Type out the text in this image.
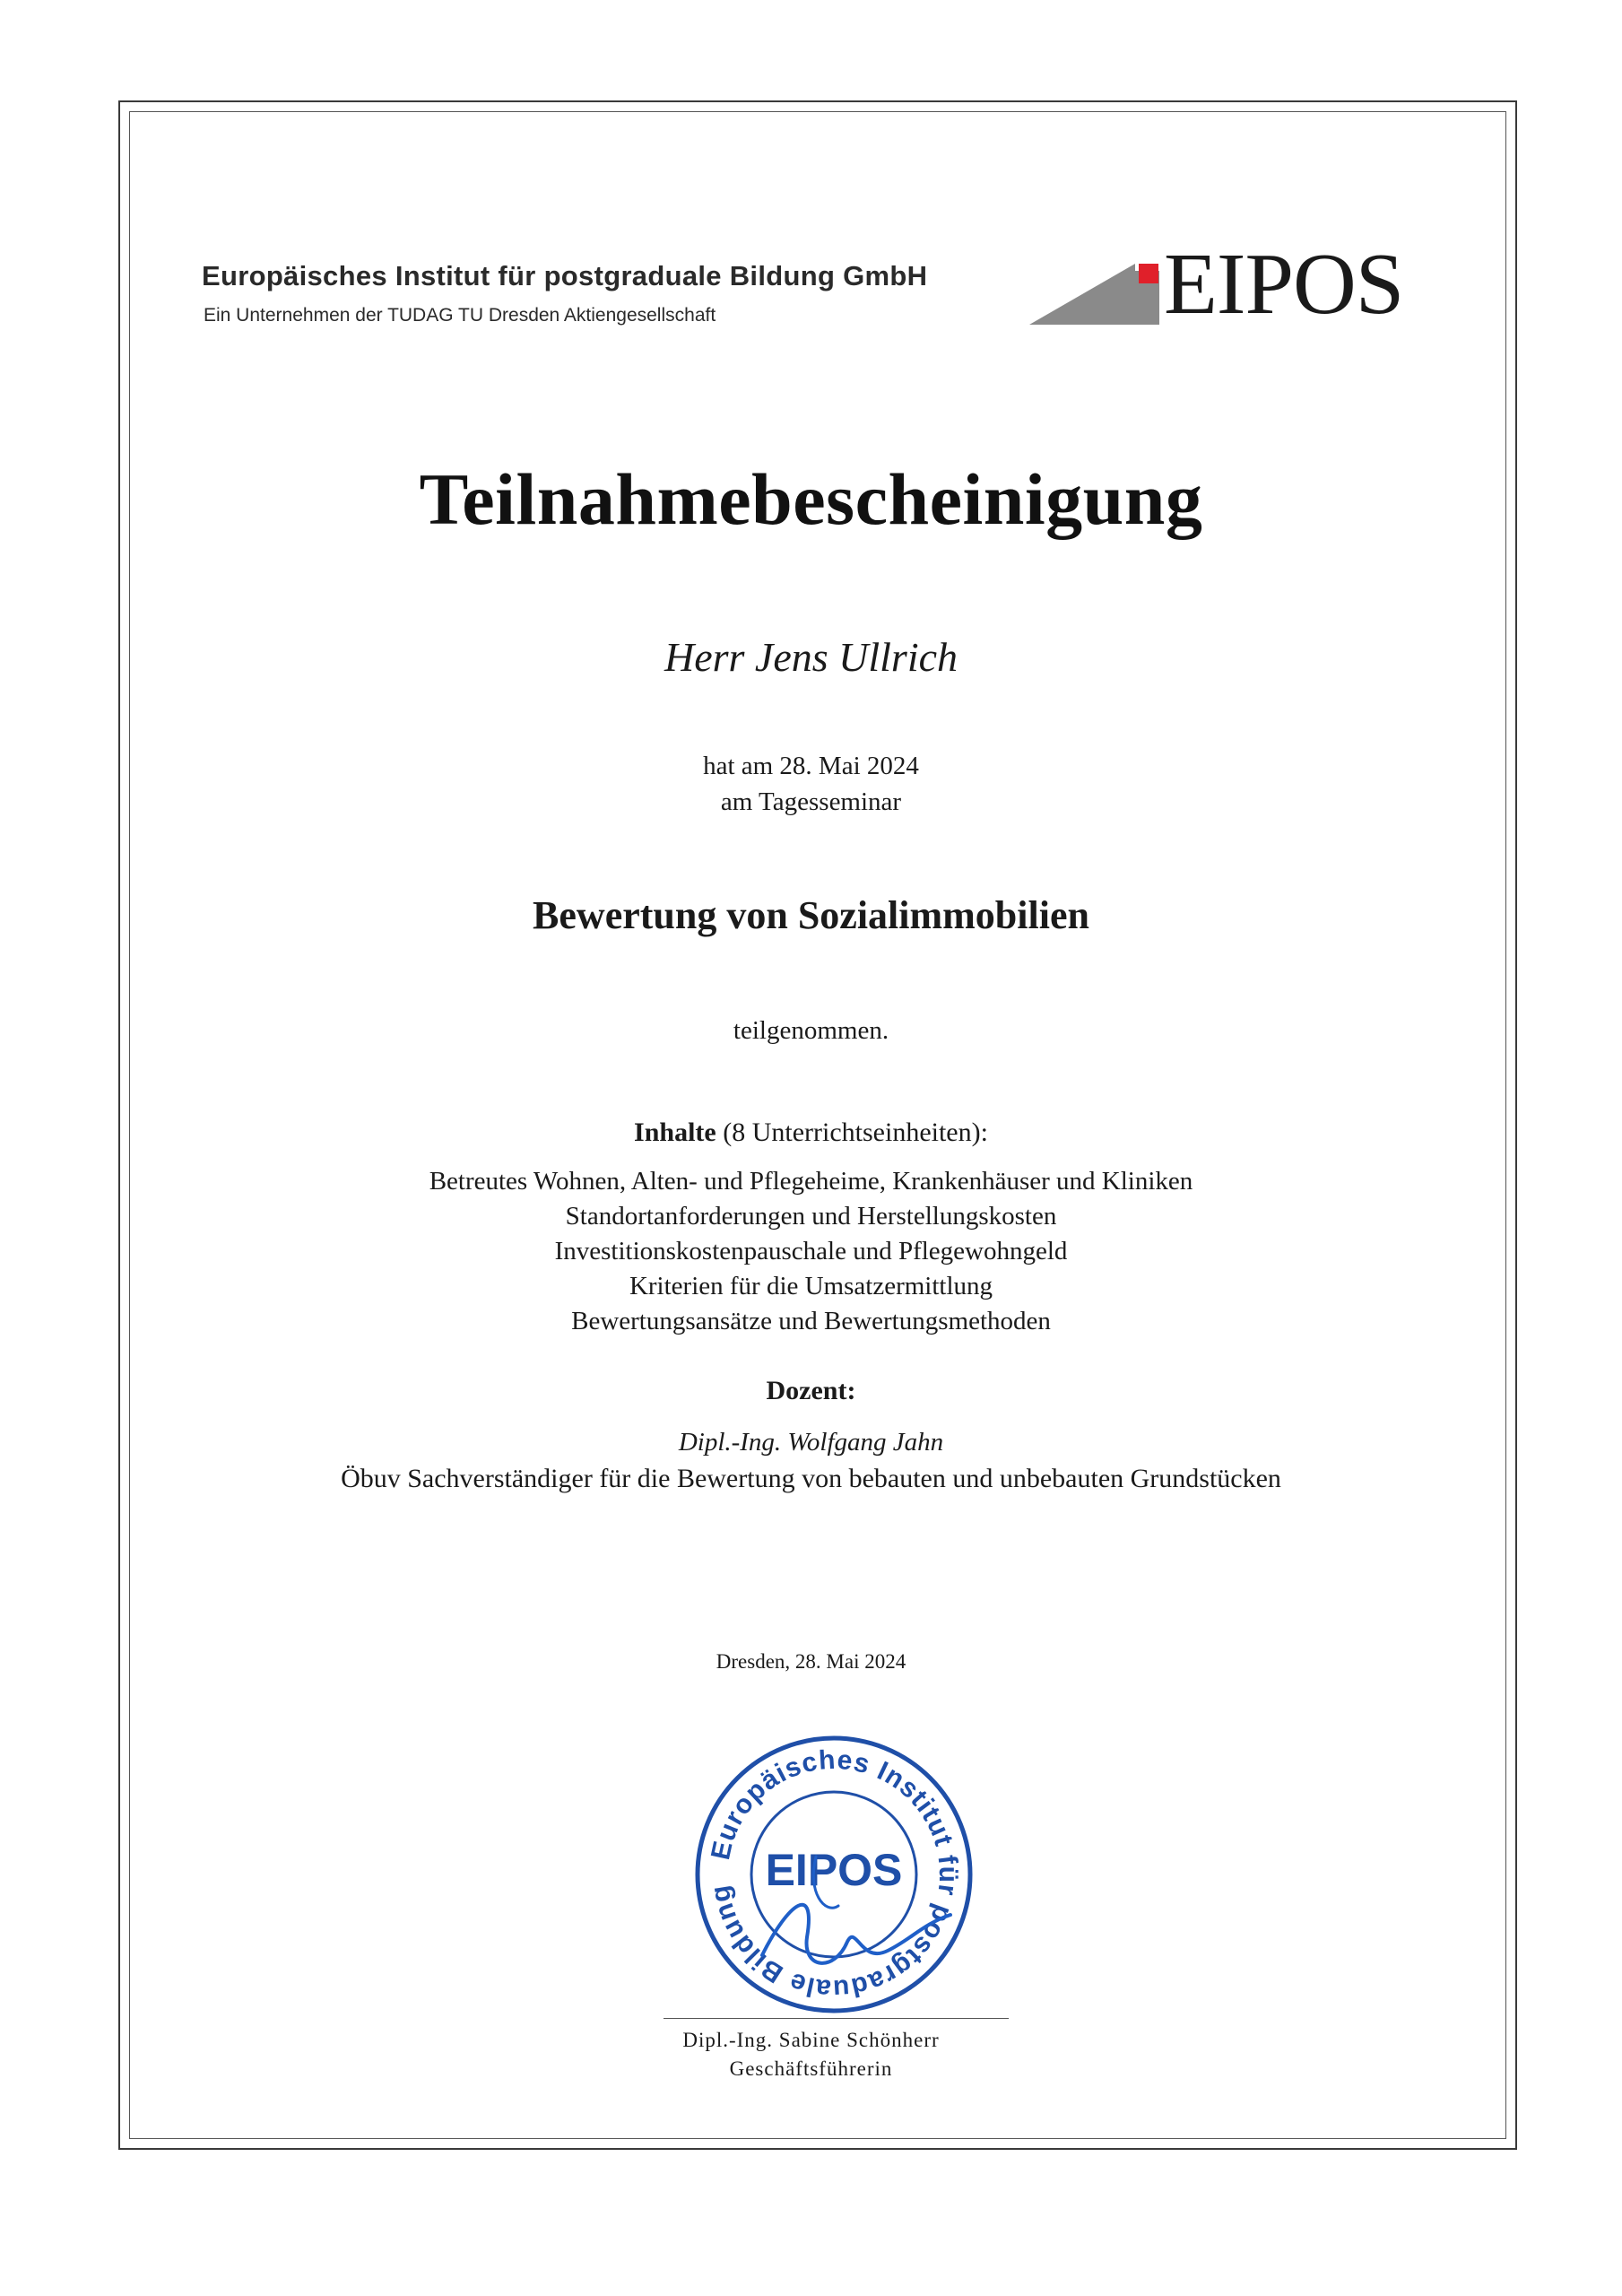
Europäisches Institut für postgraduale Bildung GmbH
Ein Unternehmen der TUDAG TU Dresden Aktiengesellschaft	EIPOS
Teilnahmebescheinigung
Herr Jens Ullrich
hat am 28. Mai 2024
am Tagesseminar
Bewertung von Sozialimmobilien
teilgenommen.
Inhalte (8 Unterrichtseinheiten):
Betreutes Wohnen, Alten- und Pflegeheime, Krankenhäuser und Kliniken
Standortanforderungen und Herstellungskosten
Investitionskostenpauschale und Pflegewohngeld
Kriterien für die Umsatzermittlung
Bewertungsansätze und Bewertungsmethoden
Dozent:
Dipl.-Ing. Wolfgang Jahn
Öbuv Sachverständiger für die Bewertung von bebauten und unbebauten Grundstücken
Dresden, 28. Mai 2024
Europäisches Institut für postgraduale Bildung EIPOS
Dipl.-Ing. Sabine Schönherr
Geschäftsführerin
